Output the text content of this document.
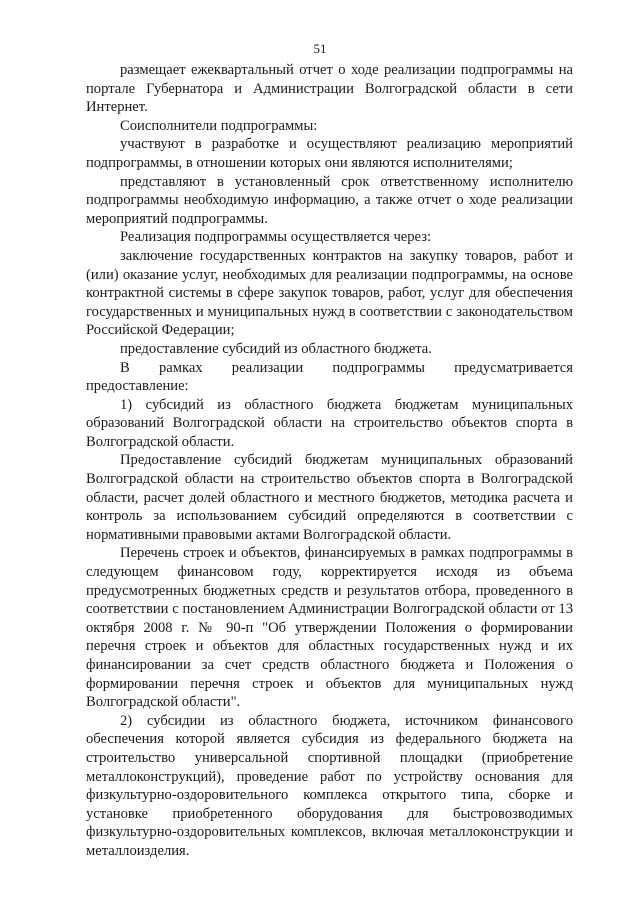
51

размещает ежеквартальный отчет о ходе реализации подпрограммы на портале Губернатора и Администрации Волгоградской области в сети Интернет.

Соисполнители подпрограммы:

участвуют в разработке и осуществляют реализацию мероприятий подпрограммы, в отношении которых они являются исполнителями;

представляют в установленный срок ответственному исполнителю подпрограммы необходимую информацию, а также отчет о ходе реализации мероприятий подпрограммы.

Реализация подпрограммы осуществляется через:

заключение государственных контрактов на закупку товаров, работ и (или) оказание услуг, необходимых для реализации подпрограммы, на основе контрактной системы в сфере закупок товаров, работ, услуг для обеспечения государственных и муниципальных нужд в соответствии с законодательством Российской Федерации;

предоставление субсидий из областного бюджета.

В рамках реализации подпрограммы предусматривается предоставление:

1) субсидий из областного бюджета бюджетам муниципальных образований Волгоградской области на строительство объектов спорта в Волгоградской области.

Предоставление субсидий бюджетам муниципальных образований Волгоградской области на строительство объектов спорта в Волгоградской области, расчет долей областного и местного бюджетов, методика расчета и контроль за использованием субсидий определяются в соответствии с нормативными правовыми актами Волгоградской области.

Перечень строек и объектов, финансируемых в рамках подпрограммы в следующем финансовом году, корректируется исходя из объема предусмотренных бюджетных средств и результатов отбора, проведенного в соответствии с постановлением Администрации Волгоградской области от 13 октября 2008 г. № 90-п "Об утверждении Положения о формировании перечня строек и объектов для областных государственных нужд и их финансировании за счет средств областного бюджета и Положения о формировании перечня строек и объектов для муниципальных нужд Волгоградской области".

2) субсидии из областного бюджета, источником финансового обеспечения которой является субсидия из федерального бюджета на строительство универсальной спортивной площадки (приобретение металлоконструкций), проведение работ по устройству основания для физкультурно-оздоровительного комплекса открытого типа, сборке и установке приобретенного оборудования для быстровозводимых физкультурно-оздоровительных комплексов, включая металлоконструкции и металлоизделия.
